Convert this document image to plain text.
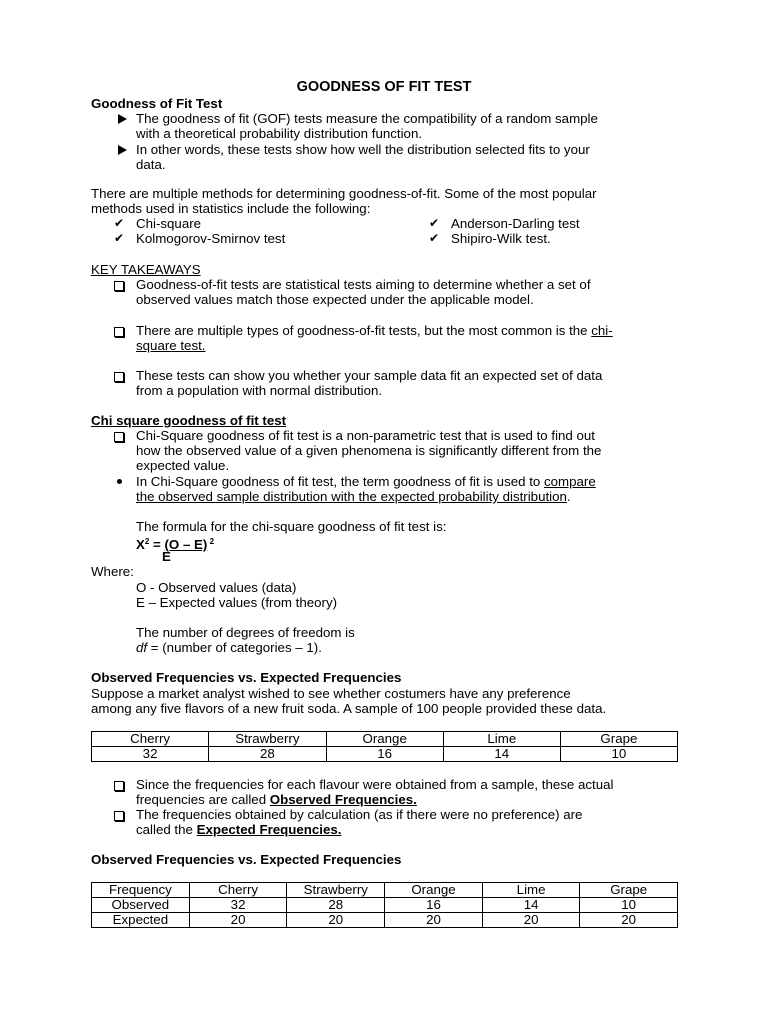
GOODNESS OF FIT TEST
Goodness of Fit Test
The goodness of fit (GOF) tests measure the compatibility of a random sample
with a theoretical probability distribution function.
In other words, these tests show how well the distribution selected fits to your
data.
There are multiple methods for determining goodness-of-fit. Some of the most popular
methods used in statistics include the following:
✔ Chi-square	✔ Anderson-Darling test
✔ Kolmogorov-Smirnov test	✔ Shipiro-Wilk test.
KEY TAKEAWAYS
Goodness-of-fit tests are statistical tests aiming to determine whether a set of
observed values match those expected under the applicable model.
There are multiple types of goodness-of-fit tests, but the most common is the chi-
square test.
These tests can show you whether your sample data fit an expected set of data
from a population with normal distribution.
Chi square goodness of fit test
Chi-Square goodness of fit test is a non-parametric test that is used to find out
how the observed value of a given phenomena is significantly different from the
expected value.
In Chi-Square goodness of fit test, the term goodness of fit is used to compare
the observed sample distribution with the expected probability distribution.
The formula for the chi-square goodness of fit test is:
$X^2 = (O - E)$ $^2$
E
Where:
O - Observed values (data)
E – Expected values (from theory)
The number of degrees of freedom is
df = (number of categories – 1).
Observed Frequencies vs. Expected Frequencies
Suppose a market analyst wished to see whether costumers have any preference
among any five flavors of a new fruit soda. A sample of 100 people provided these data.
Cherry	Strawberry	Orange	Lime	Grape
32	28	16	14	10
Since the frequencies for each flavour were obtained from a sample, these actual
frequencies are called Observed Frequencies.
The frequencies obtained by calculation (as if there were no preference) are
called the Expected Frequencies.
Observed Frequencies vs. Expected Frequencies
Frequency	Cherry	Strawberry	Orange	Lime	Grape
Observed	32	28	16	14	10
Expected	20	20	20	20	20
